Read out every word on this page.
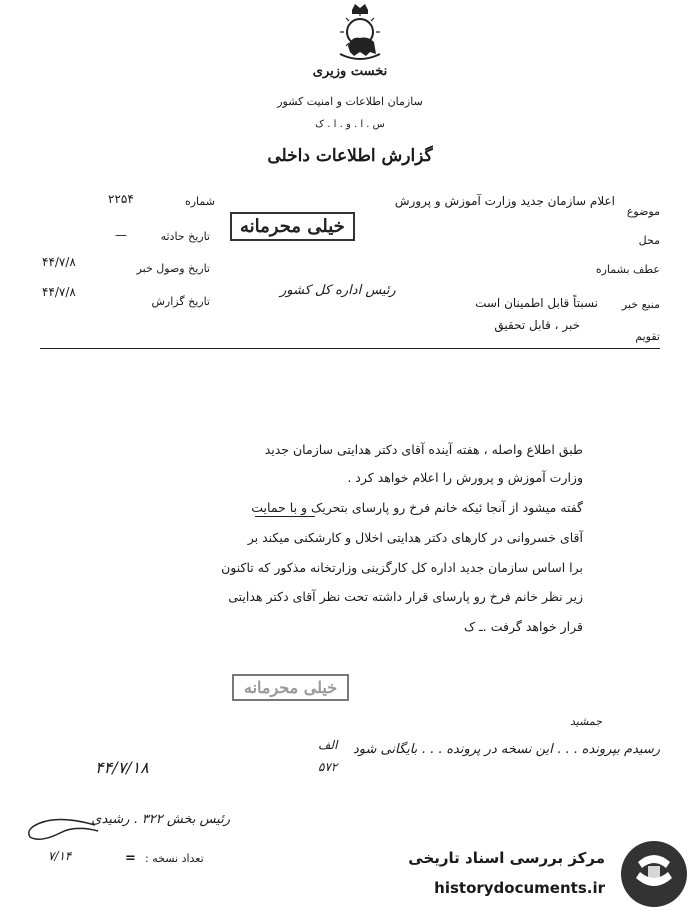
نخست وزیری
سازمان اطلاعات و امنیت کشور
س . ا . و . ا . ک
گزارش اطلاعات داخلی
موضوع
اعلام سازمان جدید وزارت آموزش و پرورش
محل
عطف بشماره
منبع خبر
نسبتاً قابل اطمینان است
تقویم
خبر ، قابل تحقیق
شماره
۲۲۵۴
تاریخ حادثه
—
تاریخ وصول خبر
۴۴/۷/۸
تاریخ گزارش
۴۴/۷/۸
خیلی محرمانه
رئیس اداره کل کشور
طبق اطلاع واصله ، هفته آینده آقای دکتر هدایتی سازمان جدید
وزارت آموزش و پرورش را اعلام خواهد کرد .
گفته میشود از آنجا ئیکه خانم فرخ رو پارسای بتحریک و با حمایت
آقای خسروانی در کارهای دکتر هدایتی اخلال و کارشکنی میکند بر
برا اساس سازمان جدید اداره کل کارگزینی وزارتخانه مذکور که تاکنون
زیر نظر خانم فرخ رو پارسای قرار داشته تحت نظر آقای دکتر هدایتی
قرار خواهد گرفت .ـ ک
خیلی محرمانه
جمشید
رسیدم بپرونده . . . این نسخه در پرونده . . . بایگانی شود
الف
۵۷۲
۴۴/۷/۱۸
رئیس بخش ۳۲۲ . رشیدی
تعداد نسخه :
۷/۱۴	=	مرکز بررسی اسناد تاریخی
historydocuments.ir
